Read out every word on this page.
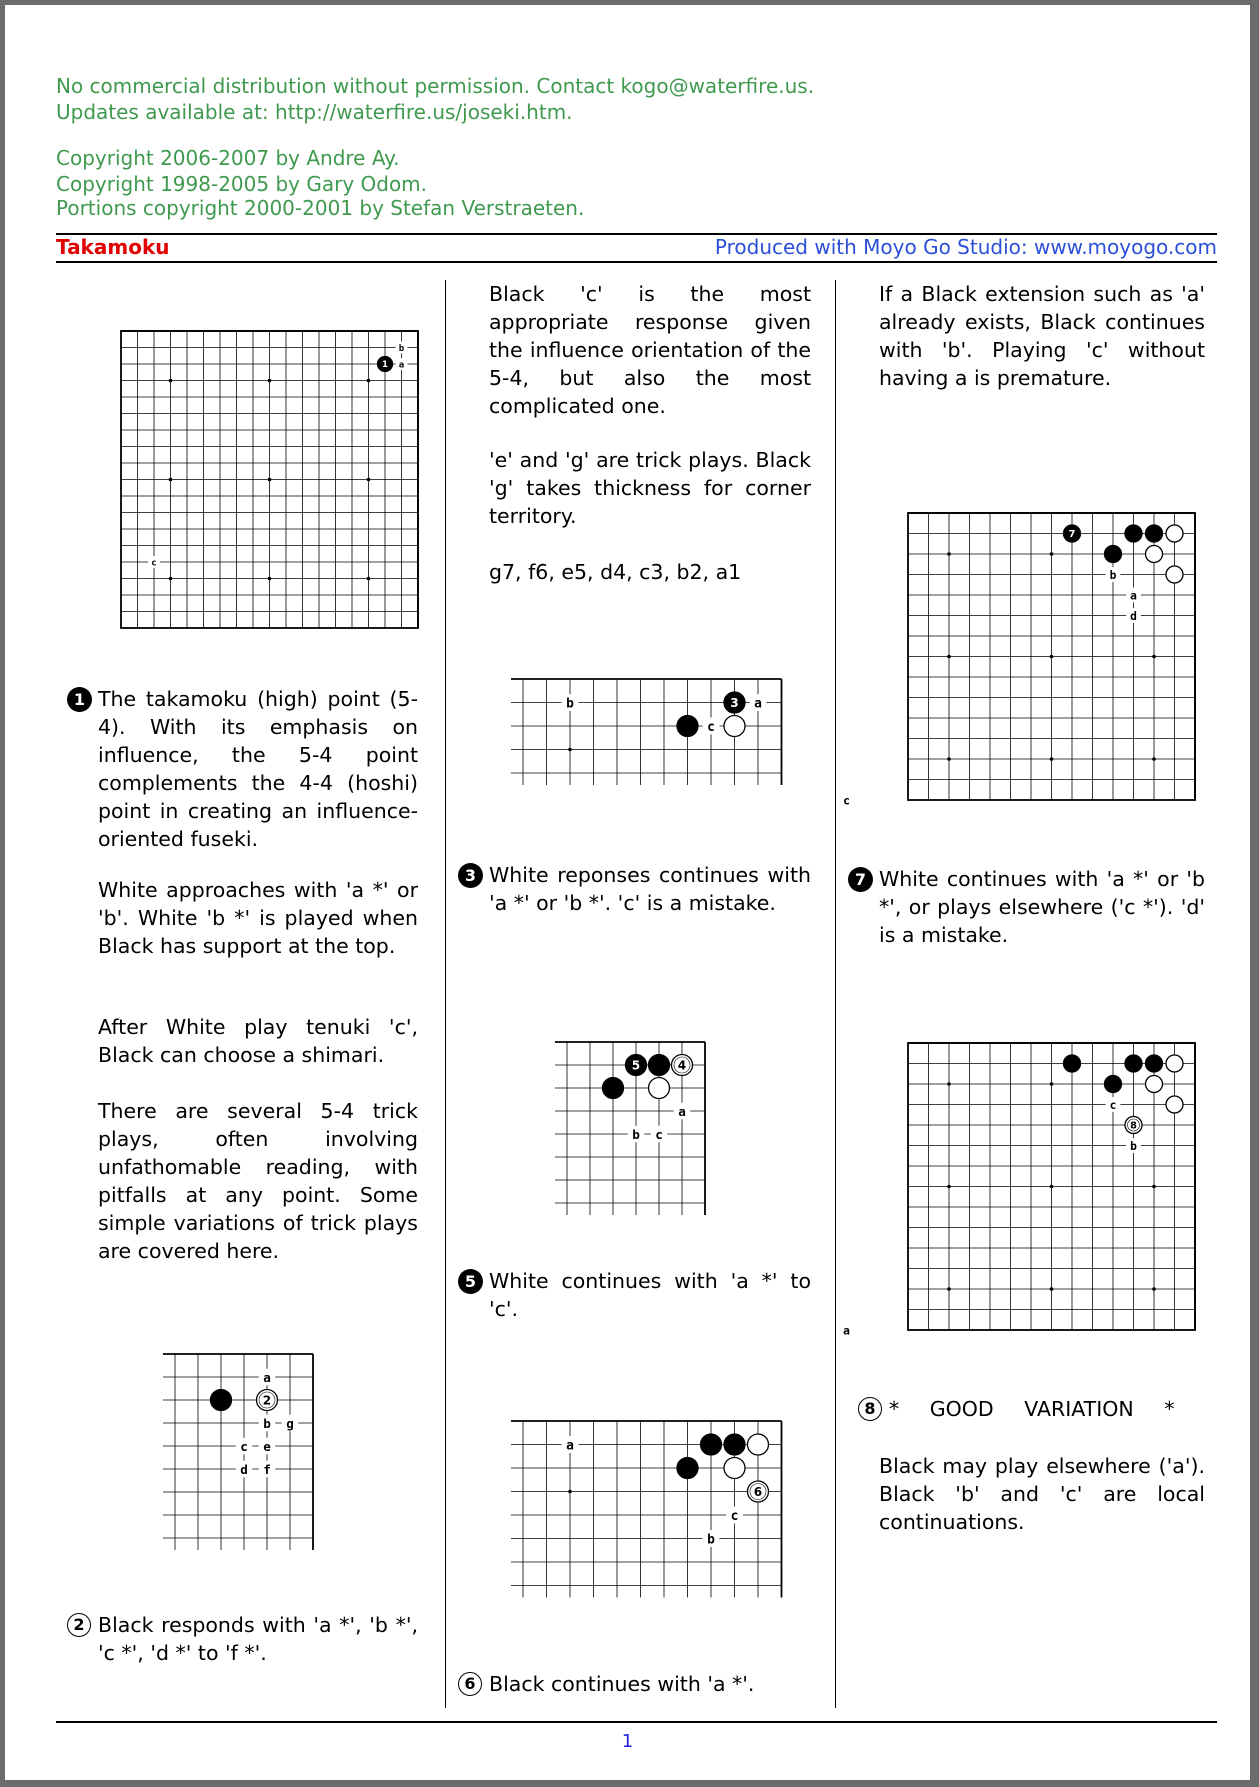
No commercial distribution without permission. Contact kogo@waterfire.us.

Updates available at: http://waterfire.us/joseki.htm.

Copyright 2006-2007 by Andre Ay.

Copyright 1998-2005 by Gary Odom.

Portions copyright 2000-2001 by Stefan Verstraeten.

Takamoku	Produced with Moyo Go Studio: www.moyogo.com
b
a
c
1

1 The takamoku (high) point (5-4). With its emphasis on influence, the 5-4 point complements the 4-4 (hoshi) point in creating an influence-oriented fuseki.

White approaches with 'a *' or 'b'. White 'b *' is played when Black has support at the top.

After White play tenuki 'c', Black can choose a shimari.

There are several 5-4 trick plays, often involving unfathomable reading, with pitfalls at any point. Some simple variations of trick plays are covered here.

a
b g
c e
d f
2

2 Black responds with 'a *', 'b *', 'c *', 'd *' to 'f *'.

Black 'c' is the most appropriate response given the influence orientation of the 5-4, but also the most complicated one.

'e' and 'g' are trick plays. Black 'g' takes thickness for corner territory.

g7, f6, e5, d4, c3, b2, a1

a
b
c
3

3 White reponses continues with 'a *' or 'b *'. 'c' is a mistake.

a
b c
5	4

5 White continues with 'a *' to 'c'.

a
c
b
6

6 Black continues with 'a *'.

If a Black extension such as 'a' already exists, Black continues with 'b'. Playing 'c' without having a is premature.

b
a
d
c
7

7 White continues with 'a *' or 'b *', or plays elsewhere ('c *'). 'd' is a mistake.

c
b
a
8

8 * GOOD VARIATION *

Black may play elsewhere ('a'). Black 'b' and 'c' are local continuations.

1
